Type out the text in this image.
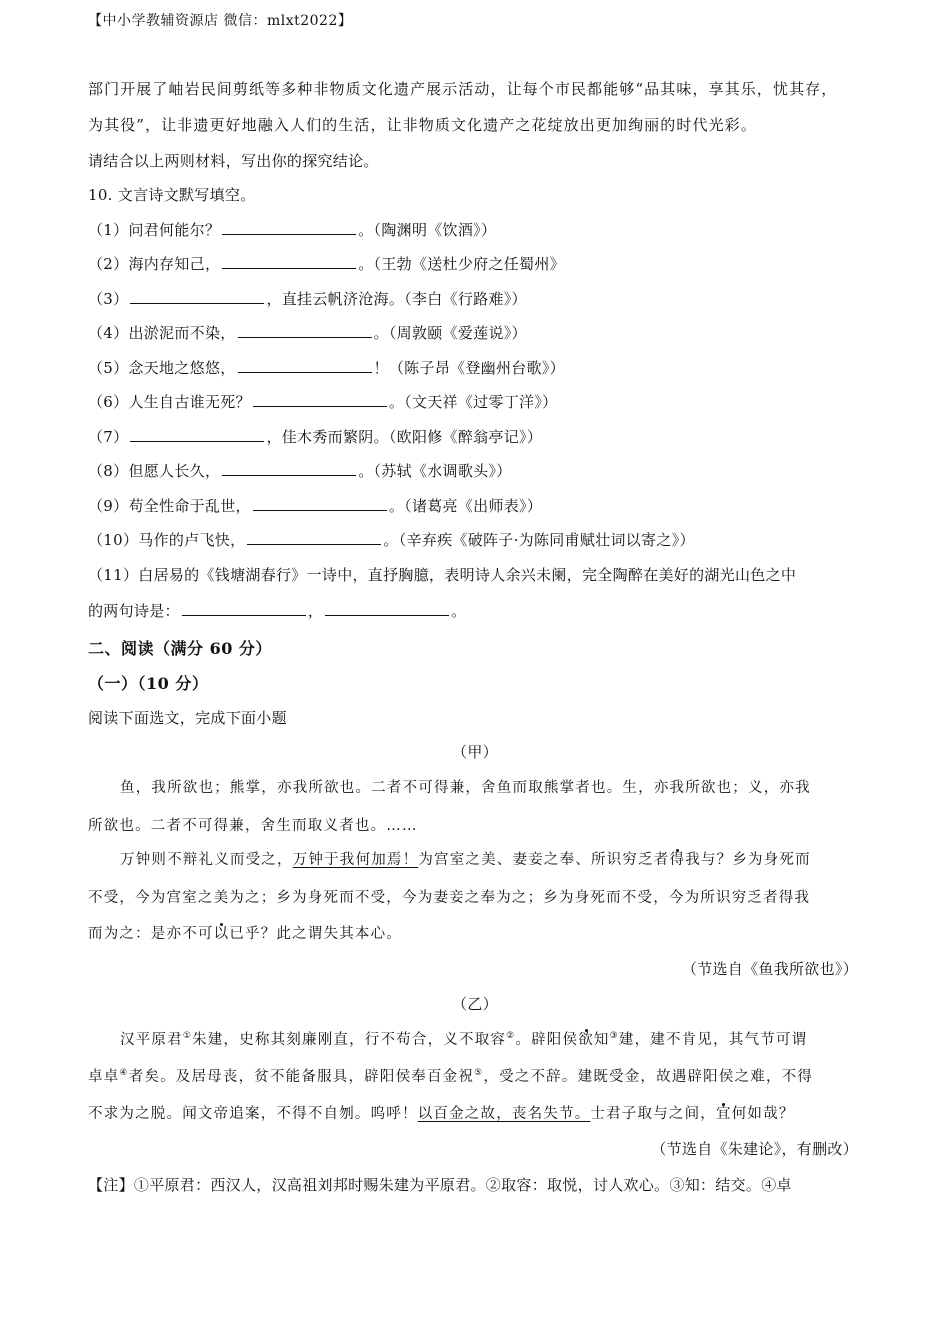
【中小学教辅资源店 微信：mlxt2022】
部门开展了岫岩民间剪纸等多种非物质文化遗产展示活动，让每个市民都能够“品其味，享其乐，忧其存，
为其役”，让非遗更好地融入人们的生活，让非物质文化遗产之花绽放出更加绚丽的时代光彩。
请结合以上两则材料，写出你的探究结论。
10. 文言诗文默写填空。
（1）问君何能尔？	。（陶渊明《饮酒》）
（2）海内存知己，	。（王勃《送杜少府之任蜀州》
（3）	，直挂云帆济沧海。（李白《行路难》）
（4）出淤泥而不染，	。（周敦颐《爱莲说》）
（5）念天地之悠悠，	！（陈子昂《登幽州台歌》）
（6）人生自古谁无死？	。（文天祥《过零丁洋》）
（7）	，佳木秀而繁阴。（欧阳修《醉翁亭记》）
（8）但愿人长久，	。（苏轼《水调歌头》）
（9）苟全性命于乱世，	。（诸葛亮《出师表》）
（10）马作的卢飞快，	。（辛弃疾《破阵子·为陈同甫赋壮词以寄之》）
（11）白居易的《钱塘湖春行》一诗中，直抒胸臆，表明诗人余兴未阑，完全陶醉在美好的湖光山色之中
的两句诗是：	，	。
二、阅读（满分 60 分）
（一）（10 分）
阅读下面选文，完成下面小题
（甲）
鱼，我所欲也；熊掌，亦我所欲也。二者不可得兼，舍鱼而取熊掌者也。生，亦我所欲也；义，亦我
所欲也。二者不可得兼，舍生而取义者也。……
万钟则不辩礼义而受之，万钟于我何加焉！为宫室之美、妻妾之奉、所识穷乏者得我与？乡为身死而
不受，今为宫室之美为之；乡为身死而不受，今为妻妾之奉为之；乡为身死而不受，今为所识穷乏者得我
而为之：是亦不可以已乎？此之谓失其本心。
（节选自《鱼我所欲也》）
（乙）
汉平原君①朱建，史称其刻廉刚直，行不苟合，义不取容②。辟阳侯欲知③建，建不肯见，其气节可谓
卓卓④者矣。及居母丧，贫不能备服具，辟阳侯奉百金祝⑤，受之不辞。建既受金，故遇辟阳侯之难，不得
不求为之脱。闻文帝追案，不得不自刎。呜呼！以百金之故，丧名失节。士君子取与之间，宜何如哉？
（节选自《朱建论》，有删改）
【注】①平原君：西汉人，汉高祖刘邦时赐朱建为平原君。②取容：取悦，讨人欢心。③知：结交。④卓
